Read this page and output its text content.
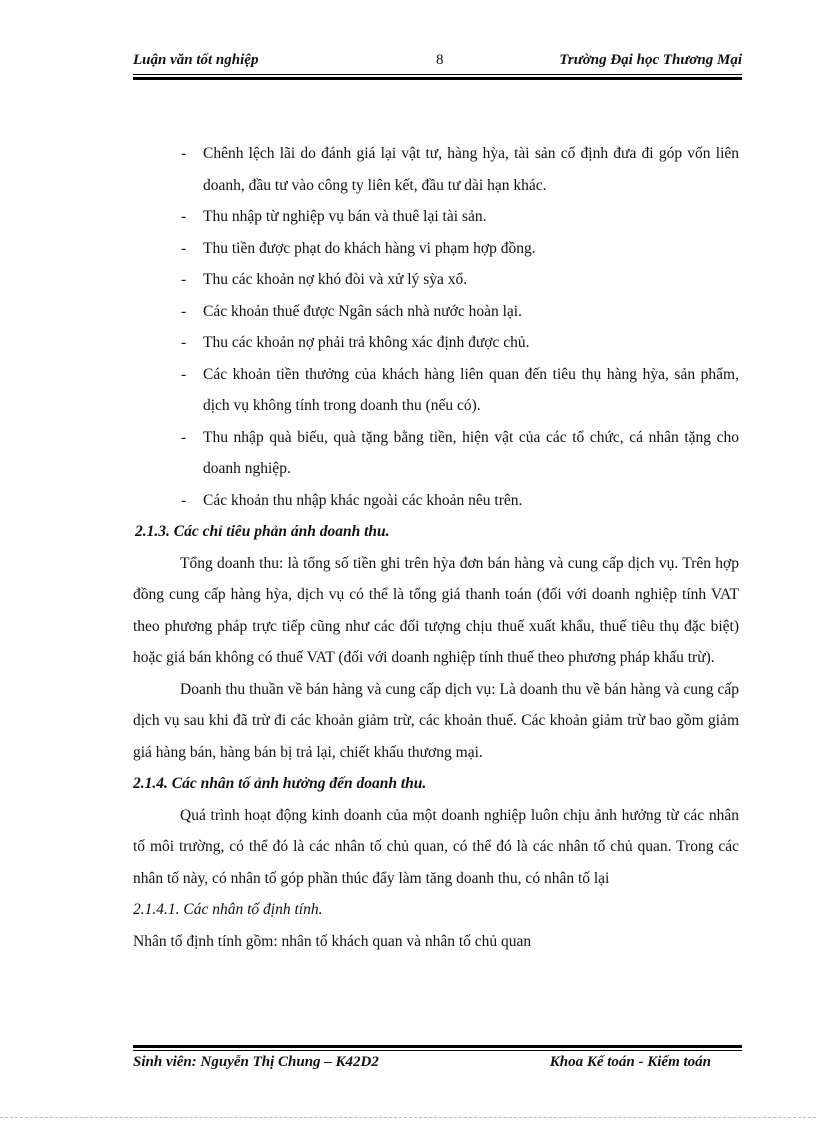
Luận văn tốt nghiệp	8	Trường Đại học Thương Mại
- Chênh lệch lãi do đánh giá lại vật tư, hàng hỳa, tài sản cố định đưa đi góp vốn liên doanh, đầu tư vào công ty liên kết, đầu tư dài hạn khác.
- Thu nhập từ nghiệp vụ bán và thuê lại tài sản.
- Thu tiền được phạt do khách hàng vi phạm hợp đồng.
- Thu các khoản nợ khó đòi và xử lý sỳa xổ.
- Các khoản thuế được Ngân sách nhà nước hoàn lại.
- Thu các khoản nợ phải trả không xác định được chủ.
- Các khoản tiền thưởng của khách hàng liên quan đến tiêu thụ hàng hỳa, sản phẩm, dịch vụ không tính trong doanh thu (nếu có).
- Thu nhập quà biếu, quà tặng bằng tiền, hiện vật của các tổ chức, cá nhân tặng cho doanh nghiệp.
- Các khoản thu nhập khác ngoài các khoản nêu trên.
2.1.3. Các chỉ tiêu phản ánh doanh thu.
Tổng doanh thu: là tổng số tiền ghi trên hỳa đơn bán hàng và cung cấp dịch vụ. Trên hợp đồng cung cấp hàng hỳa, dịch vụ có thể là tổng giá thanh toán (đối với doanh nghiệp tính VAT theo phương pháp trực tiếp cũng như các đối tượng chịu thuế xuất khẩu, thuế tiêu thụ đặc biệt) hoặc giá bán không có thuế VAT (đối với doanh nghiệp tính thuế theo phương pháp khấu trừ).
Doanh thu thuần về bán hàng và cung cấp dịch vụ: Là doanh thu về bán hàng và cung cấp dịch vụ sau khi đã trừ đi các khoản giảm trừ, các khoản thuế. Các khoản giảm trừ bao gồm giảm giá hàng bán, hàng bán bị trả lại, chiết khấu thương mại.
2.1.4. Các nhân tố ảnh hưởng đến doanh thu.
Quá trình hoạt động kinh doanh của một doanh nghiệp luôn chịu ảnh hưởng từ các nhân tố môi trường, có thể đó là các nhân tố chủ quan, có thể đó là các nhân tố chủ quan. Trong các nhân tố này, có nhân tố góp phần thúc đẩy làm tăng doanh thu, có nhân tố lại
2.1.4.1. Các nhân tố định tính.
Nhân tố định tính gồm: nhân tố khách quan và nhân tố chủ quan
Sinh viên: Nguyễn Thị Chung – K42D2	Khoa Kế toán - Kiểm toán
